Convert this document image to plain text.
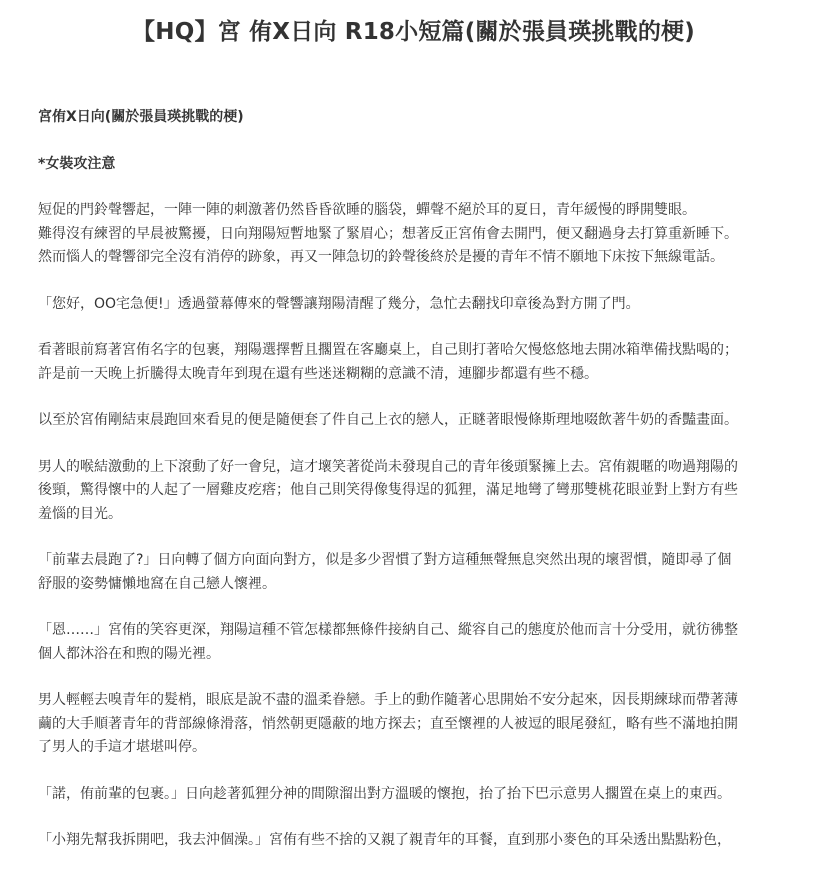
【HQ】宮 侑X日向 R18小短篇(關於張員瑛挑戰的梗)

宮侑X日向(關於張員瑛挑戰的梗)

*女裝攻注意

短促的門鈴聲響起，一陣一陣的刺激著仍然昏昏欲睡的腦袋，蟬聲不絕於耳的夏日，青年緩慢的睜開雙眼。
難得沒有練習的早晨被驚擾，日向翔陽短暫地緊了緊眉心；想著反正宮侑會去開門，便又翻過身去打算重新睡下。
然而惱人的聲響卻完全沒有消停的跡象，再又一陣急切的鈴聲後終於是擾的青年不情不願地下床按下無線電話。

「您好，OO宅急便!」透過螢幕傳來的聲響讓翔陽清醒了幾分，急忙去翻找印章後為對方開了門。

看著眼前寫著宮侑名字的包裹，翔陽選擇暫且擱置在客廳桌上，自己則打著哈欠慢悠悠地去開冰箱準備找點喝的；
許是前一天晚上折騰得太晚青年到現在還有些迷迷糊糊的意識不清，連腳步都還有些不穩。

以至於宮侑剛結束晨跑回來看見的便是隨便套了件自己上衣的戀人，正瞇著眼慢條斯理地啜飲著牛奶的香豔畫面。

男人的喉結激動的上下滾動了好一會兒，這才壞笑著從尚未發現自己的青年後頭緊擁上去。宮侑親暱的吻過翔陽的
後頸，驚得懷中的人起了一層雞皮疙瘩；他自己則笑得像隻得逞的狐狸，滿足地彎了彎那雙桃花眼並對上對方有些
羞惱的目光。

「前輩去晨跑了?」日向轉了個方向面向對方，似是多少習慣了對方這種無聲無息突然出現的壞習慣，隨即尋了個
舒服的姿勢慵懶地窩在自己戀人懷裡。

「恩……」宮侑的笑容更深，翔陽這種不管怎樣都無條件接納自己、縱容自己的態度於他而言十分受用，就彷彿整
個人都沐浴在和煦的陽光裡。

男人輕輕去嗅青年的髮梢，眼底是說不盡的溫柔眷戀。手上的動作隨著心思開始不安分起來，因長期練球而帶著薄
繭的大手順著青年的背部線條滑落，悄然朝更隱蔽的地方探去；直至懷裡的人被逗的眼尾發紅，略有些不滿地拍開
了男人的手這才堪堪叫停。

「諾，侑前輩的包裹。」日向趁著狐狸分神的間隙溜出對方溫暖的懷抱，抬了抬下巴示意男人擱置在桌上的東西。

「小翔先幫我拆開吧，我去沖個澡。」宮侑有些不捨的又親了親青年的耳餐，直到那小麥色的耳朵透出點點粉色，
